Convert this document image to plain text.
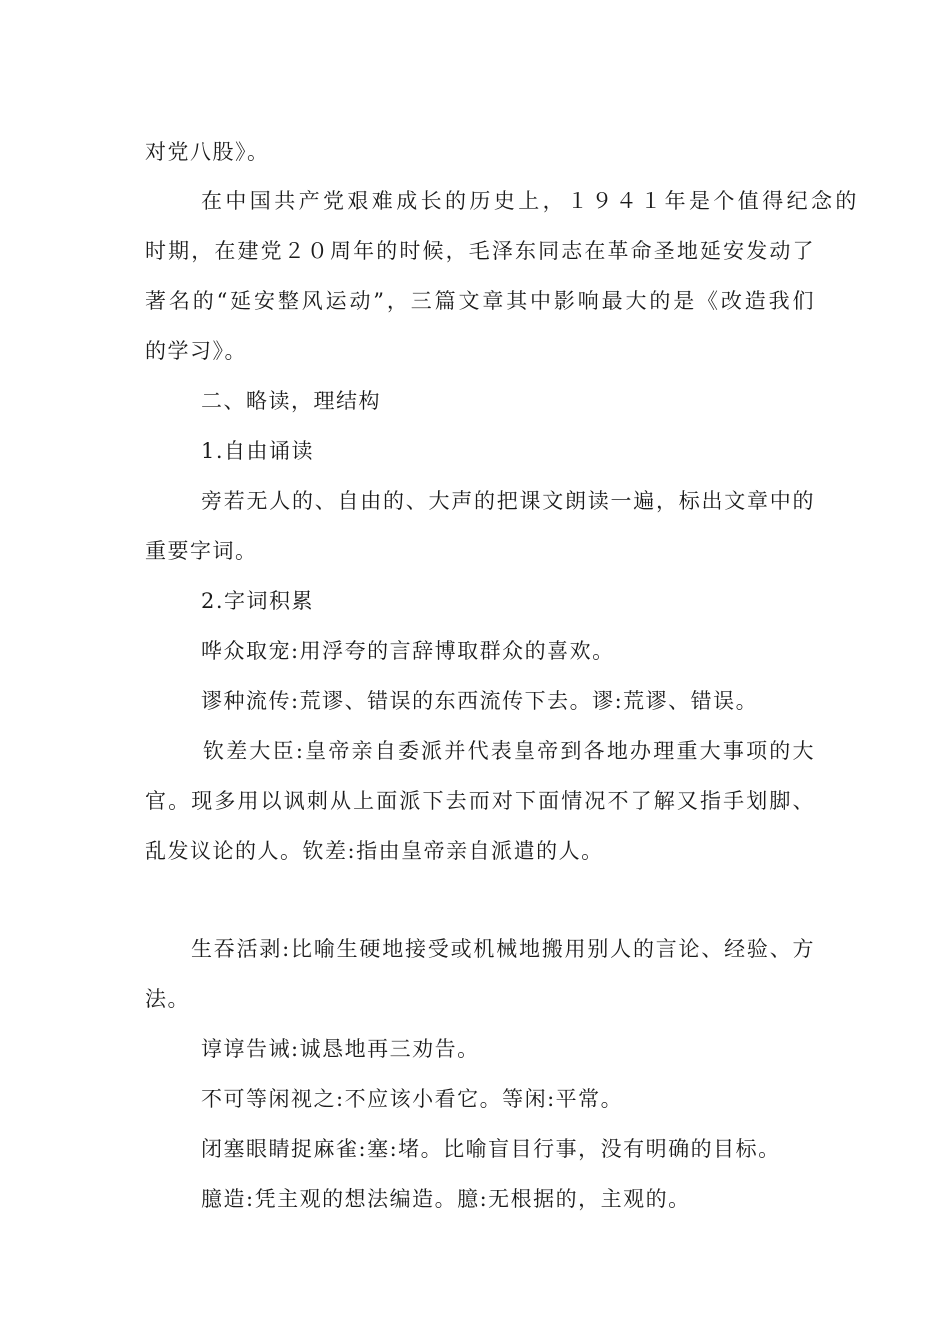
对党八股》。
在中国共产党艰难成长的历史上，１９４１年是个值得纪念的
时期，在建党２０周年的时候，毛泽东同志在革命圣地延安发动了
著名的“延安整风运动”，三篇文章其中影响最大的是《改造我们
的学习》。
二、略读，理结构
1.自由诵读
旁若无人的、自由的、大声的把课文朗读一遍，标出文章中的
重要字词。
2.字词积累
哗众取宠:用浮夸的言辞博取群众的喜欢。
谬种流传:荒谬、错误的东西流传下去。谬:荒谬、错误。
钦差大臣:皇帝亲自委派并代表皇帝到各地办理重大事项的大
官。现多用以讽刺从上面派下去而对下面情况不了解又指手划脚、
乱发议论的人。钦差:指由皇帝亲自派遣的人。
生吞活剥:比喻生硬地接受或机械地搬用别人的言论、经验、方
法。
谆谆告诫:诚恳地再三劝告。
不可等闲视之:不应该小看它。等闲:平常。
闭塞眼睛捉麻雀:塞:堵。比喻盲目行事，没有明确的目标。
臆造:凭主观的想法编造。臆:无根据的，主观的。
